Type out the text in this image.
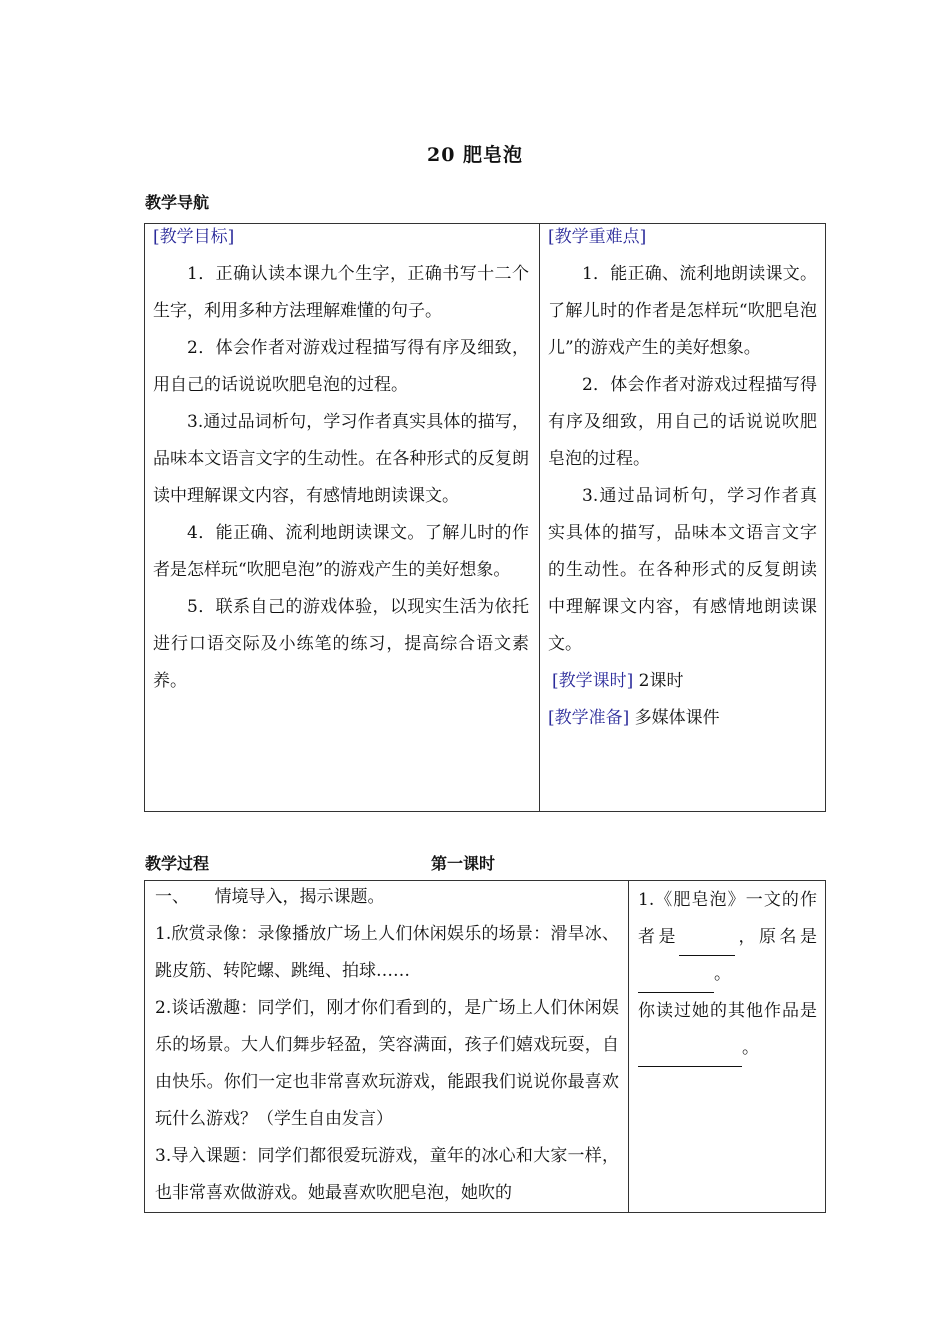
20 肥皂泡
教学导航

[教学目标]

1．正确认读本课九个生字，正确书写十二个生字，利用多种方法理解难懂的句子。

2．体会作者对游戏过程描写得有序及细致，用自己的话说说吹肥皂泡的过程。

3.通过品词析句，学习作者真实具体的描写，品味本文语言文字的生动性。在各种形式的反复朗读中理解课文内容，有感情地朗读课文。

4．能正确、流利地朗读课文。了解儿时的作者是怎样玩“吹肥皂泡”的游戏产生的美好想象。

5．联系自己的游戏体验，以现实生活为依托进行口语交际及小练笔的练习，提高综合语文素养。

[教学重难点]

1．能正确、流利地朗读课文。了解儿时的作者是怎样玩“吹肥皂泡儿”的游戏产生的美好想象。

2．体会作者对游戏过程描写得有序及细致，用自己的话说说吹肥皂泡的过程。

3.通过品词析句，学习作者真实具体的描写，品味本文语言文字的生动性。在各种形式的反复朗读中理解课文内容，有感情地朗读课文。

[教学课时] 2课时

[教学准备] 多媒体课件

教学过程	第一课时

一、　　情境导入，揭示课题。

1.欣赏录像：录像播放广场上人们休闲娱乐的场景：滑旱冰、跳皮筋、转陀螺、跳绳、拍球……

2.谈话激趣：同学们，刚才你们看到的，是广场上人们休闲娱乐的场景。大人们舞步轻盈，笑容满面，孩子们嬉戏玩耍，自由快乐。你们一定也非常喜欢玩游戏，能跟我们说说你最喜欢玩什么游戏？（学生自由发言）

3.导入课题：同学们都很爱玩游戏，童年的冰心和大家一样，也非常喜欢做游戏。她最喜欢吹肥皂泡，她吹的

1.《肥皂泡》一文的作者是	，原名是。

你读过她的其他作品是。
